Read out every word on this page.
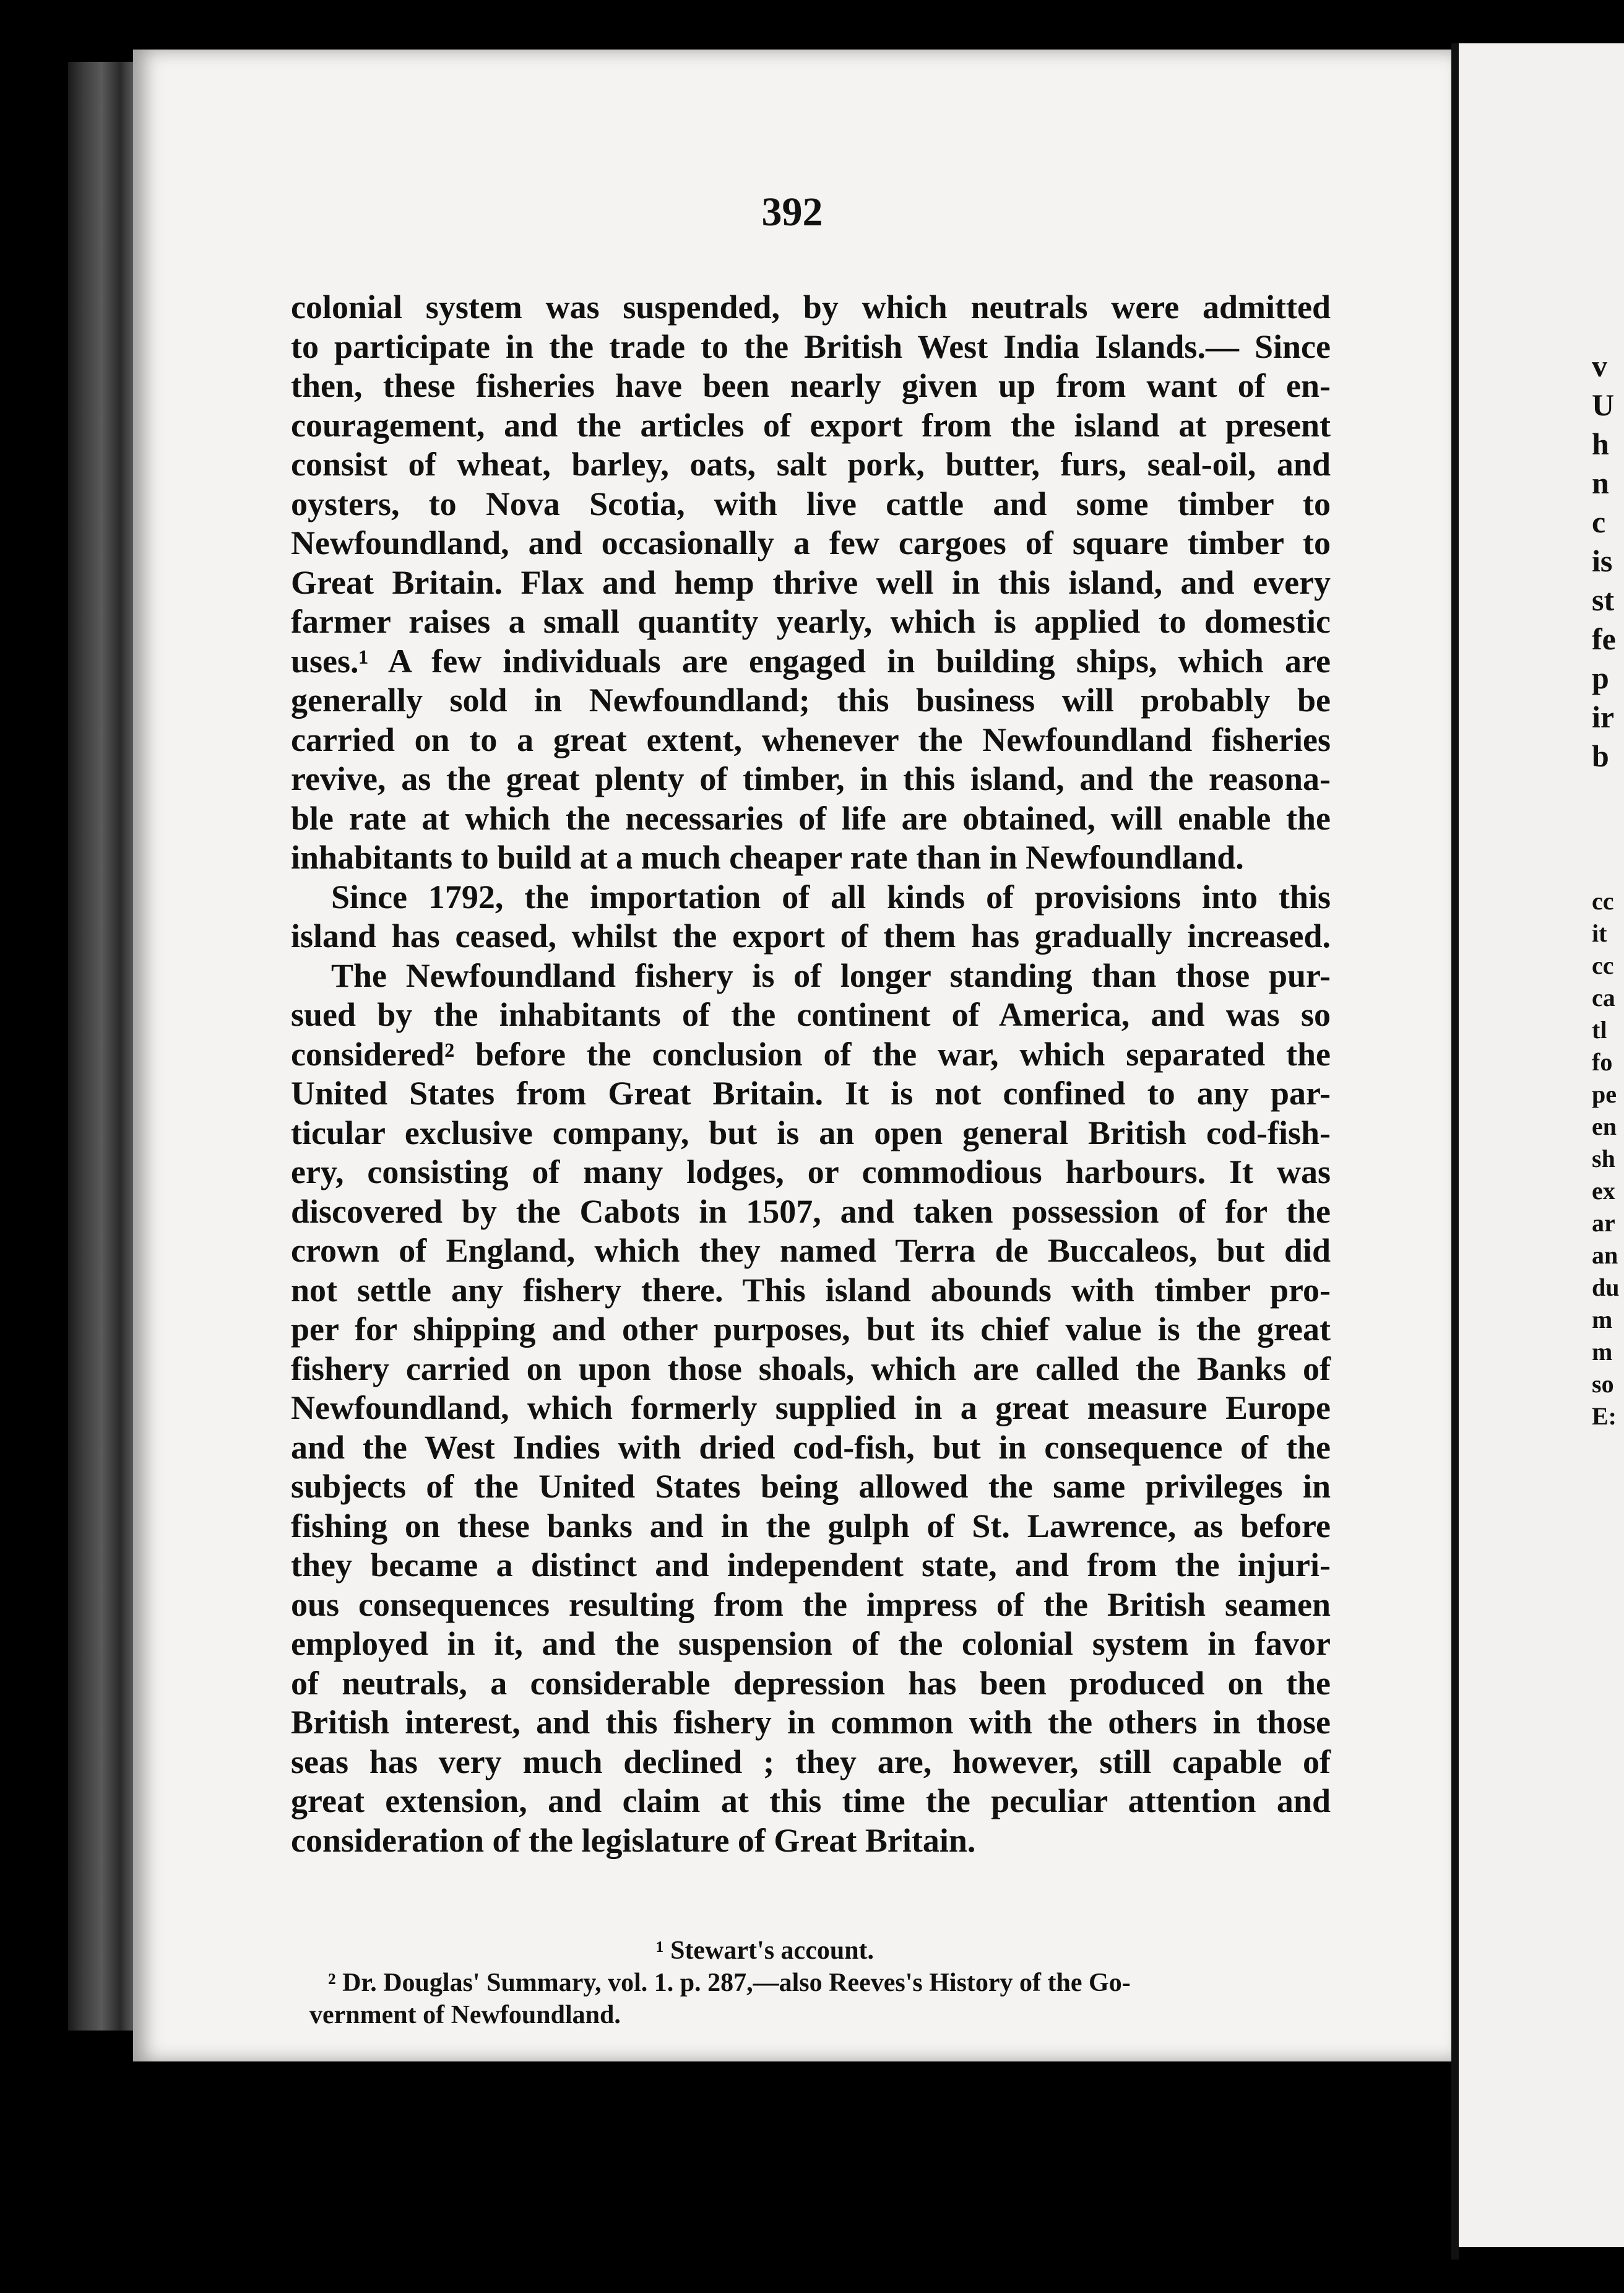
392
colonial system was suspended, by which neutrals were admitted
to participate in the trade to the British West India Islands.— Since
then, these fisheries have been nearly given up from want of en-
couragement, and the articles of export from the island at present
consist of wheat, barley, oats, salt pork, butter, furs, seal-oil, and
oysters, to Nova Scotia, with live cattle and some timber to
Newfoundland, and occasionally a few cargoes of square timber to
Great Britain. Flax and hemp thrive well in this island, and every
farmer raises a small quantity yearly, which is applied to domestic
uses.¹ A few individuals are engaged in building ships, which are
generally sold in Newfoundland; this business will probably be
carried on to a great extent, whenever the Newfoundland fisheries
revive, as the great plenty of timber, in this island, and the reasona-
ble rate at which the necessaries of life are obtained, will enable the
inhabitants to build at a much cheaper rate than in Newfoundland.
Since 1792, the importation of all kinds of provisions into this
island has ceased, whilst the export of them has gradually increased.
The Newfoundland fishery is of longer standing than those pur-
sued by the inhabitants of the continent of America, and was so
considered² before the conclusion of the war, which separated the
United States from Great Britain. It is not confined to any par-
ticular exclusive company, but is an open general British cod-fish-
ery, consisting of many lodges, or commodious harbours. It was
discovered by the Cabots in 1507, and taken possession of for the
crown of England, which they named Terra de Buccaleos, but did
not settle any fishery there. This island abounds with timber pro-
per for shipping and other purposes, but its chief value is the great
fishery carried on upon those shoals, which are called the Banks of
Newfoundland, which formerly supplied in a great measure Europe
and the West Indies with dried cod-fish, but in consequence of the
subjects of the United States being allowed the same privileges in
fishing on these banks and in the gulph of St. Lawrence, as before
they became a distinct and independent state, and from the injuri-
ous consequences resulting from the impress of the British seamen
employed in it, and the suspension of the colonial system in favor
of neutrals, a considerable depression has been produced on the
British interest, and this fishery in common with the others in those
seas has very much declined ; they are, however, still capable of
great extension, and claim at this time the peculiar attention and
consideration of the legislature of Great Britain.
¹ Stewart's account.
² Dr. Douglas' Summary, vol. 1. p. 287,—also Reeves's History of the Go-
vernment of Newfoundland.
v
U
h
n
c
is
st
fe
p
ir
b
cc
it
cc
ca
tl
fo
pe
en
sh
ex
ar
an
du
m
m
so
E:
